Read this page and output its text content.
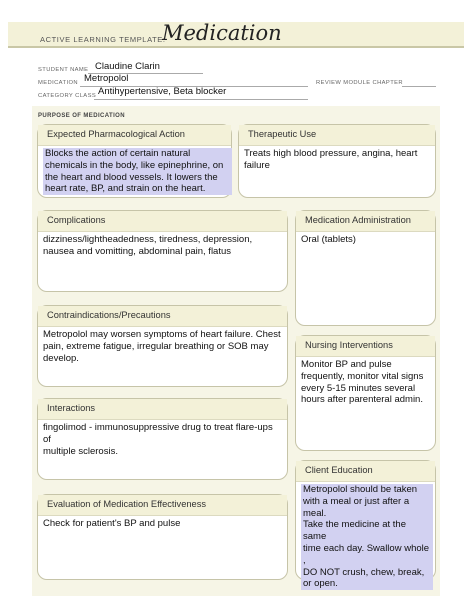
ACTIVE LEARNING TEMPLATE:
Medication
STUDENT NAME Claudine Clarin
MEDICATION Metropolol	REVIEW MODULE CHAPTER
CATEGORY CLASS Antihypertensive, Beta blocker
PURPOSE OF MEDICATION
Expected Pharmacological Action
Blocks the action of certain natural
chemicals in the body, like epinephrine, on
the heart and blood vessels. It lowers the
heart rate, BP, and strain on the heart.
Therapeutic Use
Treats high blood pressure, angina, heart
failure
Complications
dizziness/lightheadedness, tiredness, depression,
nausea and vomitting, abdominal pain, flatus
Medication Administration
Oral (tablets)
Contraindications/Precautions
Metropolol may worsen symptoms of heart failure. Chest
pain, extreme fatigue, irregular breathing or SOB may
develop.
Nursing Interventions
Monitor BP and pulse
frequently, monitor vital signs
every 5-15 minutes several
hours after parenteral admin.
Interactions
fingolimod - immunosuppressive drug to treat flare-ups of
multiple sclerosis.
Client Education
Metropolol should be taken
with a meal or just after a meal.
Take the medicine at the same
time each day. Swallow whole ,
DO NOT crush, chew, break,
or open.
Evaluation of Medication Effectiveness
Check for patient's BP and pulse
